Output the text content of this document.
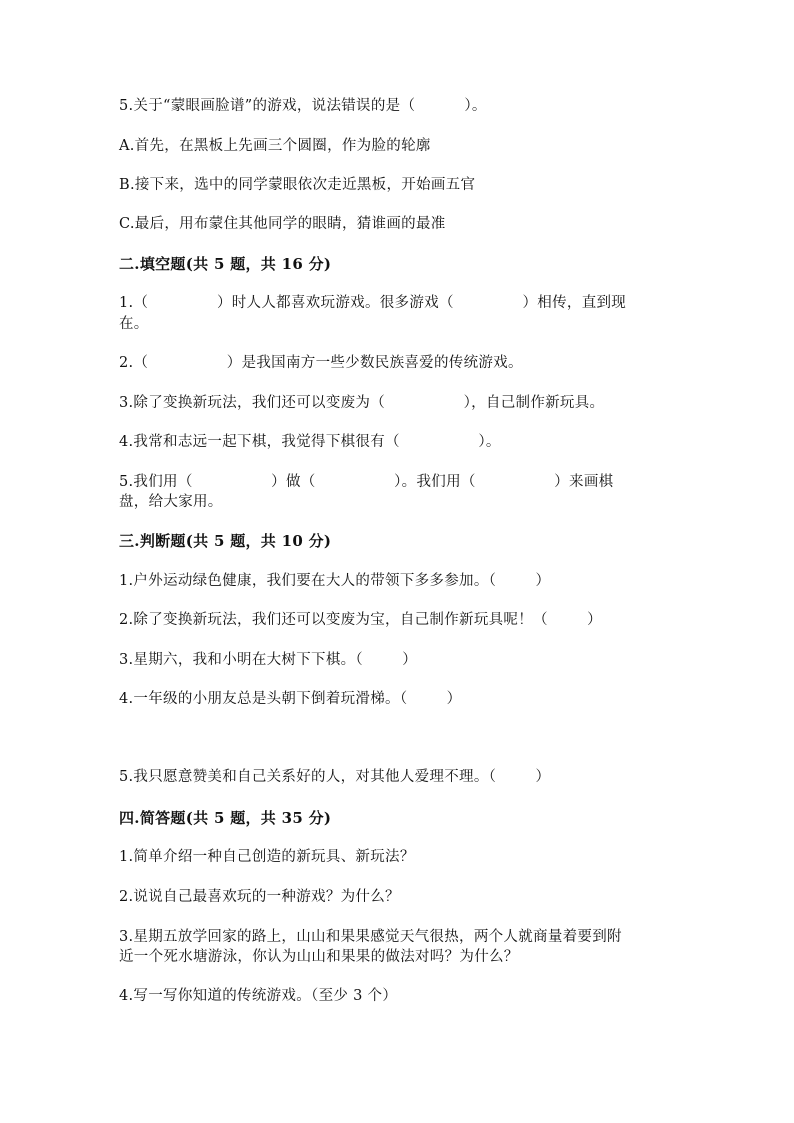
5.关于“蒙眼画脸谱”的游戏，说法错误的是（          ）。
A.首先，在黑板上先画三个圆圈，作为脸的轮廓
B.接下来，选中的同学蒙眼依次走近黑板，开始画五官
C.最后，用布蒙住其他同学的眼睛，猜谁画的最准
二.填空题(共 5 题，共 16 分)
1.（              ）时人人都喜欢玩游戏。很多游戏（              ）相传，直到现
在。
2.（                ）是我国南方一些少数民族喜爱的传统游戏。
3.除了变换新玩法，我们还可以变废为（                ），自己制作新玩具。
4.我常和志远一起下棋，我觉得下棋很有（                ）。
5.我们用（                ）做（                ）。我们用（                ）来画棋
盘，给大家用。
三.判断题(共 5 题，共 10 分)
1.户外运动绿色健康，我们要在大人的带领下多多参加。（        ）
2.除了变换新玩法，我们还可以变废为宝，自己制作新玩具呢！（        ）
3.星期六，我和小明在大树下下棋。（        ）
4.一年级的小朋友总是头朝下倒着玩滑梯。（        ）
5.我只愿意赞美和自己关系好的人，对其他人爱理不理。（        ）
四.简答题(共 5 题，共 35 分)
1.简单介绍一种自己创造的新玩具、新玩法？
2.说说自己最喜欢玩的一种游戏？为什么？
3.星期五放学回家的路上，山山和果果感觉天气很热，两个人就商量着要到附
近一个死水塘游泳，你认为山山和果果的做法对吗？为什么？
4.写一写你知道的传统游戏。（至少 3 个）
